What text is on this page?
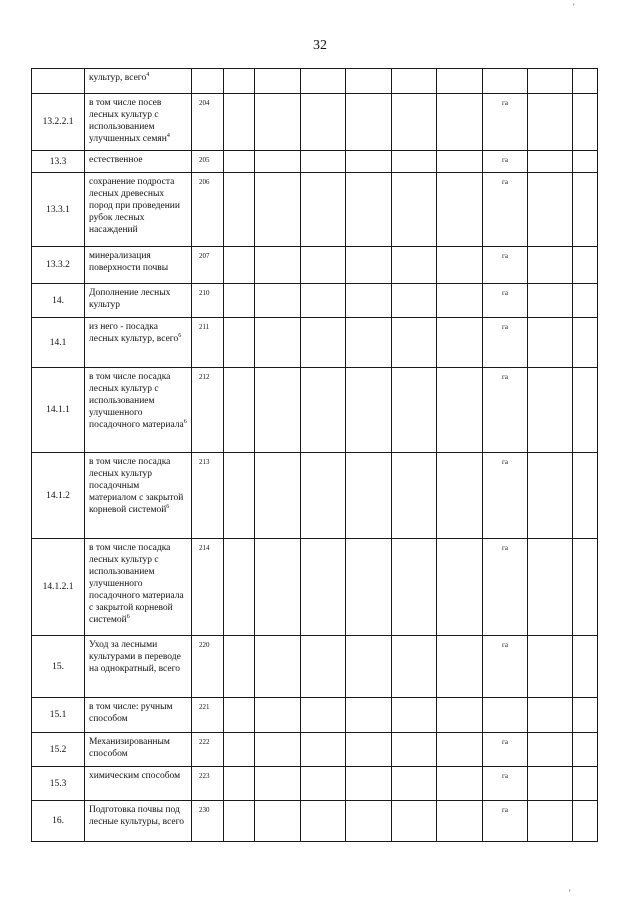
32
	культур, всего$^4$										
13.2.2.1	в том числе посев лесных культур с использованием улучшенных семян$^4$	204							га		
13.3	естественное	205							га		
13.3.1	сохранение подроста лесных древесных пород при проведении рубок лесных насаждений	206							га		
13.3.2	минерализация поверхности почвы	207							га		
14.	Дополнение лесных культур	210							га		
14.1	из него - посадка лесных культур, всего$^6$	211							га		
14.1.1	в том числе посадка лесных культур с использованием улучшенного посадочного материала$^6$	212							га		
14.1.2	в том числе посадка лесных культур посадочным материалом с закрытой корневой системой$^6$	213							га		
14.1.2.1	в том числе посадка лесных культур с использованием улучшенного посадочного материала с закрытой корневой системой$^6$	214							га		
15.	Уход за лесными культурами в переводе на однократный, всего	220							га		
15.1	в том числе: ручным способом	221									
15.2	Механизированным способом	222							га		
15.3	химическим способом	223							га		
16.	Подготовка почвы под лесные культуры, всего	230							га		
'
'
